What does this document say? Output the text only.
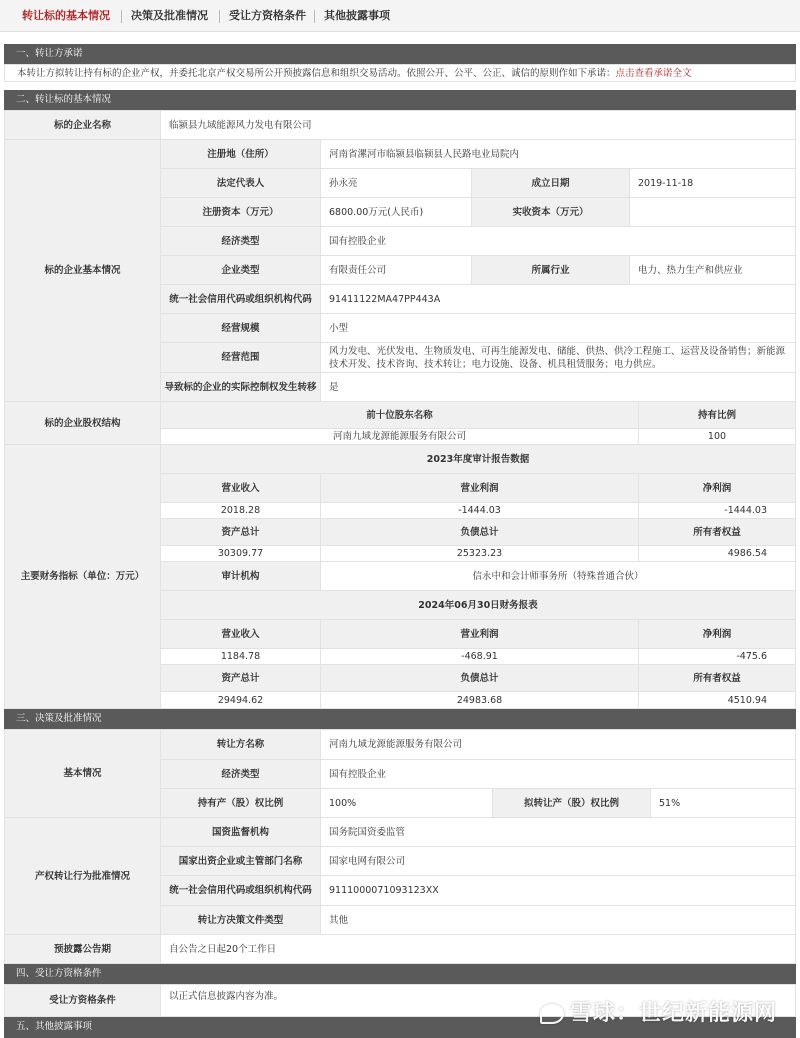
转让标的基本情况 决策及批准情况 受让方资格条件 其他披露事项
一、转让方承诺
本转让方拟转让持有标的企业产权，并委托北京产权交易所公开预披露信息和组织交易活动。依照公开、公平、公正、诚信的原则作如下承诺：点击查看承诺全文
二、转让标的基本情况
标的企业名称	临颍县九域能源风力发电有限公司
标的企业基本情况
注册地（住所）	河南省漯河市临颍县临颍县人民路电业局院内
法定代表人	孙永亮	成立日期	2019-11-18
注册资本（万元）	6800.00万元(人民币)	实收资本（万元）
经济类型	国有控股企业
企业类型	有限责任公司	所属行业	电力、热力生产和供应业
统一社会信用代码或组织机构代码	91411122MA47PP443A
经营规模	小型
经营范围
风力发电、光伏发电、生物质发电、可再生能源发电、储能、供热、供冷工程施工、运营及设备销售；新能源技术开发、技术咨询、技术转让；电力设施、设备、机具租赁服务；电力供应。
导致标的企业的实际控制权发生转移	是
标的企业股权结构
前十位股东名称	持有比例
河南九域龙源能源服务有限公司	100
主要财务指标（单位：万元）
2023年度审计报告数据
营业收入	营业利润	净利润
2018.28	-1444.03	-1444.03
资产总计	负债总计	所有者权益
30309.77	25323.23	4986.54
审计机构	信永中和会计师事务所（特殊普通合伙）
2024年06月30日财务报表
营业收入	营业利润	净利润
1184.78	-468.91	-475.6
资产总计	负债总计	所有者权益
29494.62	24983.68	4510.94
三、决策及批准情况
基本情况
转让方名称	河南九域龙源能源服务有限公司
经济类型	国有控股企业
持有产（股）权比例	100%	拟转让产（股）权比例	51%
产权转让行为批准情况
国资监督机构	国务院国资委监管
国家出资企业或主管部门名称	国家电网有限公司
统一社会信用代码或组织机构代码	9111000071093123XX
转让方决策文件类型	其他
预披露公告期	自公告之日起20个工作日
四、受让方资格条件
受让方资格条件	以正式信息披露内容为准。
五、其他披露事项
雪球：世纪新能源网
